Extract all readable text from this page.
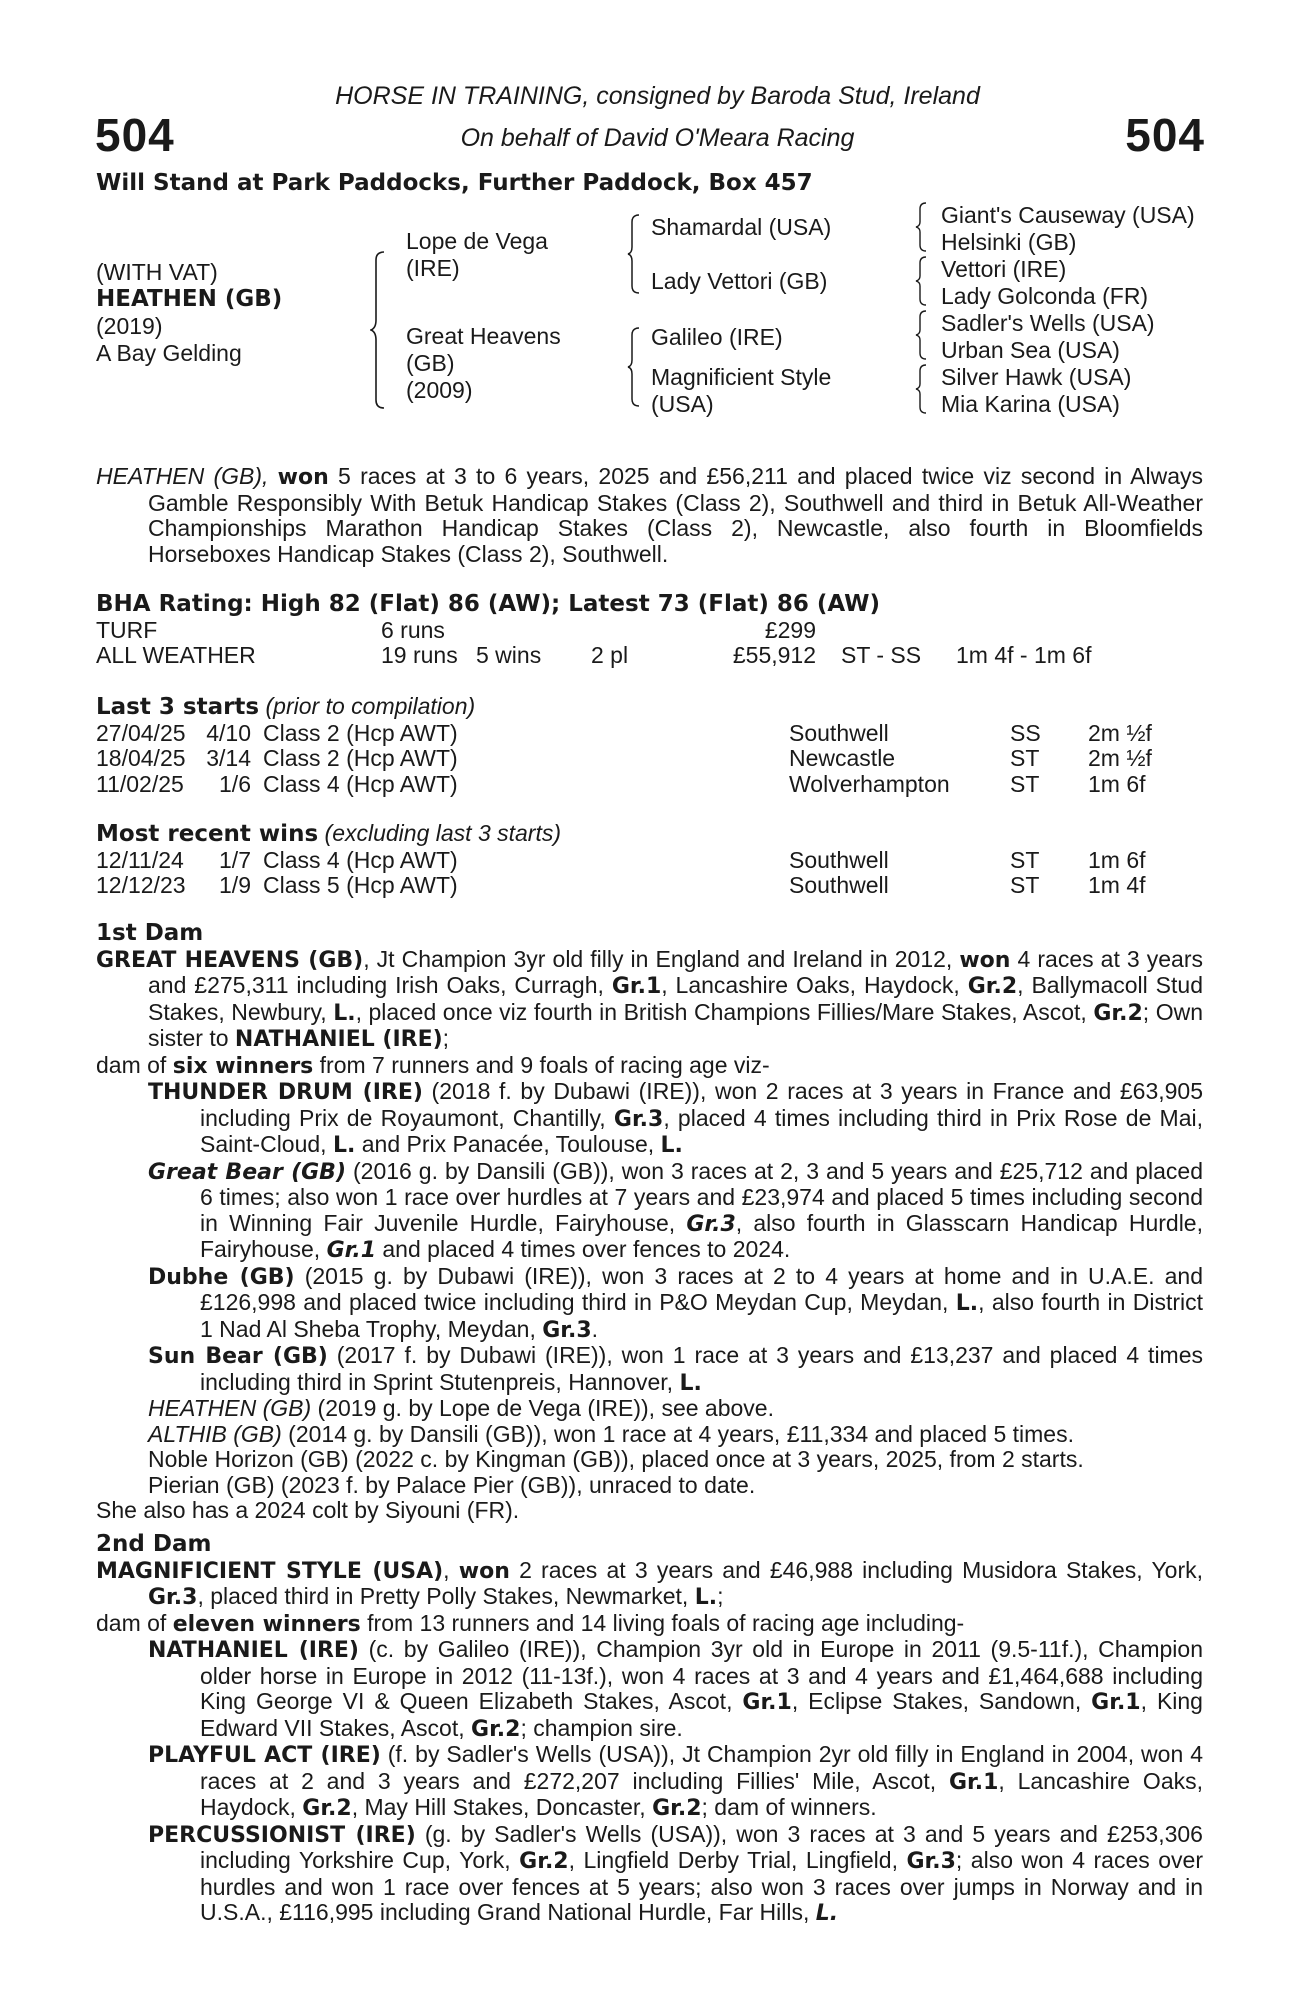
504	504
HORSE IN TRAINING, consigned by Baroda Stud, Ireland
On behalf of David O'Meara Racing
Will Stand at Park Paddocks, Further Paddock, Box 457
(WITH VAT)
HEATHEN (GB)
(2019)
A Bay Gelding
Lope de Vega
(IRE)
Great Heavens
(GB)
(2009)
Shamardal (USA)
Lady Vettori (GB)
Galileo (IRE)
Magnificient Style
(USA)
Giant's Causeway (USA)
Helsinki (GB)
Vettori (IRE)
Lady Golconda (FR)
Sadler's Wells (USA)
Urban Sea (USA)
Silver Hawk (USA)
Mia Karina (USA)

HEATHEN (GB), won 5 races at 3 to 6 years, 2025 and £56,211 and placed twice viz second in Always Gamble Responsibly With Betuk Handicap Stakes (Class 2), Southwell and third in Betuk All-Weather Championships Marathon Handicap Stakes (Class 2), Newcastle, also fourth in Bloomfields Horseboxes Handicap Stakes (Class 2), Southwell.

BHA Rating: High 82 (Flat) 86 (AW); Latest 73 (Flat) 86 (AW)
TURF	6 runs			£299		
ALL WEATHER	19 runs	5 wins	2 pl	£55,912	ST - SS	1m 4f - 1m 6f
Last 3 starts (prior to compilation)
27/04/25	4/10	Class 2 (Hcp AWT)	Southwell	SS	2m ½f
18/04/25	3/14	Class 2 (Hcp AWT)	Newcastle	ST	2m ½f
11/02/25	1/6	Class 4 (Hcp AWT)	Wolverhampton	ST	1m 6f
Most recent wins (excluding last 3 starts)
12/11/24	1/7	Class 4 (Hcp AWT)	Southwell	ST	1m 6f
12/12/23	1/9	Class 5 (Hcp AWT)	Southwell	ST	1m 4f
1st Dam

GREAT HEAVENS (GB), Jt Champion 3yr old filly in England and Ireland in 2012, won 4 races at 3 years and £275,311 including Irish Oaks, Curragh, Gr.1, Lancashire Oaks, Haydock, Gr.2, Ballymacoll Stud Stakes, Newbury, L., placed once viz fourth in British Champions Fillies/Mare Stakes, Ascot, Gr.2; Own sister to NATHANIEL (IRE);

dam of six winners from 7 runners and 9 foals of racing age viz-

THUNDER DRUM (IRE) (2018 f. by Dubawi (IRE)), won 2 races at 3 years in France and £63,905 including Prix de Royaumont, Chantilly, Gr.3, placed 4 times including third in Prix Rose de Mai, Saint-Cloud, L. and Prix Panacée, Toulouse, L.

Great Bear (GB) (2016 g. by Dansili (GB)), won 3 races at 2, 3 and 5 years and £25,712 and placed 6 times; also won 1 race over hurdles at 7 years and £23,974 and placed 5 times including second in Winning Fair Juvenile Hurdle, Fairyhouse, Gr.3, also fourth in Glasscarn Handicap Hurdle, Fairyhouse, Gr.1 and placed 4 times over fences to 2024.

Dubhe (GB) (2015 g. by Dubawi (IRE)), won 3 races at 2 to 4 years at home and in U.A.E. and £126,998 and placed twice including third in P&O Meydan Cup, Meydan, L., also fourth in District 1 Nad Al Sheba Trophy, Meydan, Gr.3.

Sun Bear (GB) (2017 f. by Dubawi (IRE)), won 1 race at 3 years and £13,237 and placed 4 times including third in Sprint Stutenpreis, Hannover, L.

HEATHEN (GB) (2019 g. by Lope de Vega (IRE)), see above.

ALTHIB (GB) (2014 g. by Dansili (GB)), won 1 race at 4 years, £11,334 and placed 5 times.

Noble Horizon (GB) (2022 c. by Kingman (GB)), placed once at 3 years, 2025, from 2 starts.

Pierian (GB) (2023 f. by Palace Pier (GB)), unraced to date.

She also has a 2024 colt by Siyouni (FR).

2nd Dam

MAGNIFICIENT STYLE (USA), won 2 races at 3 years and £46,988 including Musidora Stakes, York, Gr.3, placed third in Pretty Polly Stakes, Newmarket, L.;

dam of eleven winners from 13 runners and 14 living foals of racing age including-

NATHANIEL (IRE) (c. by Galileo (IRE)), Champion 3yr old in Europe in 2011 (9.5-11f.), Champion older horse in Europe in 2012 (11-13f.), won 4 races at 3 and 4 years and £1,464,688 including King George VI & Queen Elizabeth Stakes, Ascot, Gr.1, Eclipse Stakes, Sandown, Gr.1, King Edward VII Stakes, Ascot, Gr.2; champion sire.

PLAYFUL ACT (IRE) (f. by Sadler's Wells (USA)), Jt Champion 2yr old filly in England in 2004, won 4 races at 2 and 3 years and £272,207 including Fillies' Mile, Ascot, Gr.1, Lancashire Oaks, Haydock, Gr.2, May Hill Stakes, Doncaster, Gr.2; dam of winners.

PERCUSSIONIST (IRE) (g. by Sadler's Wells (USA)), won 3 races at 3 and 5 years and £253,306 including Yorkshire Cup, York, Gr.2, Lingfield Derby Trial, Lingfield, Gr.3; also won 4 races over hurdles and won 1 race over fences at 5 years; also won 3 races over jumps in Norway and in U.S.A., £116,995 including Grand National Hurdle, Far Hills, L.
